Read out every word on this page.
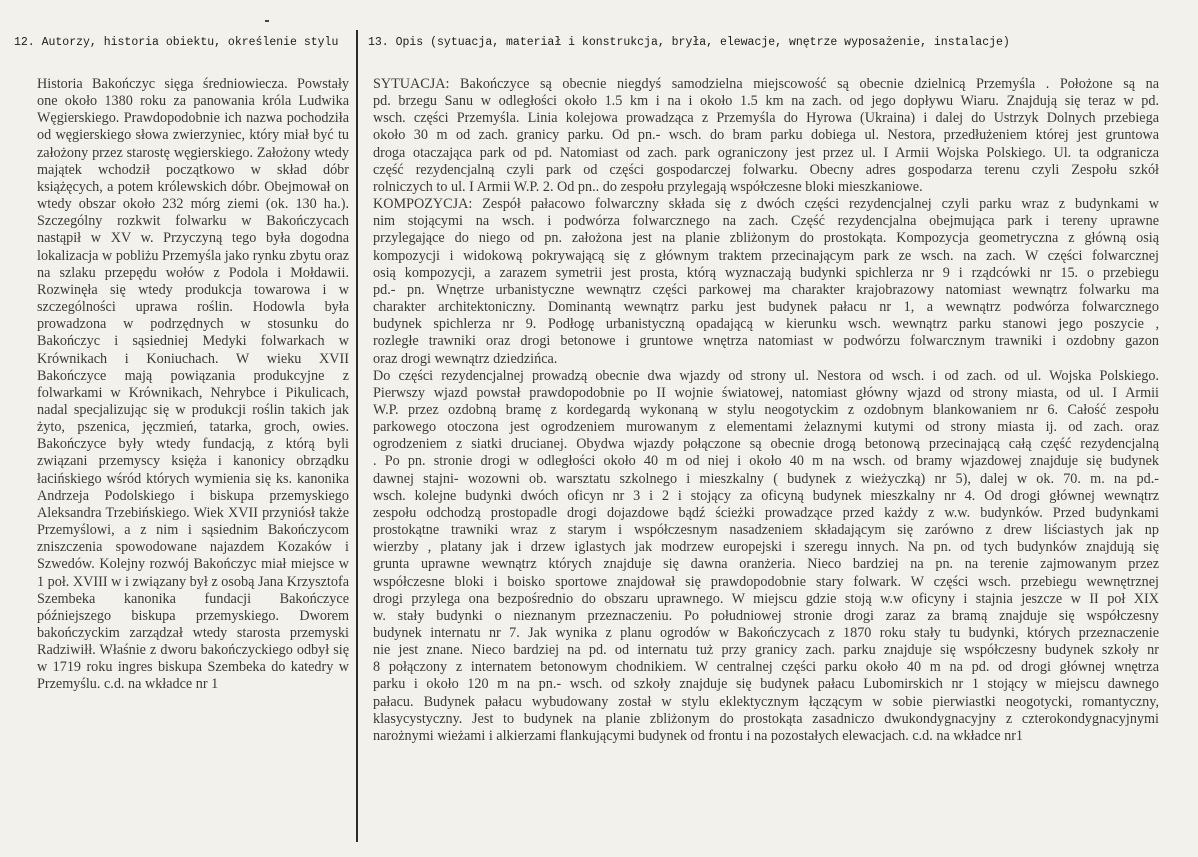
12. Autorzy, historia obiektu, określenie stylu	13. Opis (sytuacja, materiał i konstrukcja, bryła, elewacje, wnętrze wyposażenie, instalacje)

Historia Bakończyc sięga średniowiecza. Powstały one około 1380 roku za panowania króla Ludwika Węgierskiego. Prawdopodobnie ich nazwa pochodziła od węgierskiego słowa zwierzyniec, który miał być tu założony przez starostę węgierskiego. Założony wtedy majątek wchodził początkowo w skład dóbr książęcych, a potem królewskich dóbr. Obejmował on wtedy obszar około 232 mórg ziemi (ok. 130 ha.). Szczególny rozkwit folwarku w Bakończycach nastąpił w XV w. Przyczyną tego była dogodna lokalizacja w pobliżu Przemyśla jako rynku zbytu oraz na szlaku przepędu wołów z Podola i Mołdawii. Rozwinęła się wtedy produkcja towarowa i w szczególności uprawa roślin. Hodowla była prowadzona w podrzędnych w stosunku do Bakończyc i sąsiedniej Medyki folwarkach w Krównikach i Koniuchach. W wieku XVII Bakończyce mają powiązania produkcyjne z folwarkami w Krównikach, Nehrybce i Pikulicach, nadal specjalizując się w produkcji roślin takich jak żyto, pszenica, jęczmień, tatarka, groch, owies. Bakończyce były wtedy fundacją, z którą byli związani przemyscy księża i kanonicy obrządku łacińskiego wśród których wymienia się ks. kanonika Andrzeja Podolskiego i biskupa przemyskiego Aleksandra Trzebińskiego. Wiek XVII przyniósł także Przemyślowi, a z nim i sąsiednim Bakończycom zniszczenia spowodowane najazdem Kozaków i Szwedów. Kolejny rozwój Bakończyc miał miejsce w 1 poł. XVIII w i związany był z osobą Jana Krzysztofa Szembeka kanonika fundacji Bakończyce późniejszego biskupa przemyskiego. Dworem bakończyckim zarządzał wtedy starosta przemyski Radziwiłł. Właśnie z dworu bakończyckiego odbył się w 1719 roku ingres biskupa Szembeka do katedry w Przemyślu. c.d. na wkładce nr 1

SYTUACJA: Bakończyce są obecnie niegdyś samodzielna miejscowość są obecnie dzielnicą Przemyśla . Położone są na
pd. brzegu Sanu w odległości około 1.5 km i na i około 1.5 km na zach. od jego dopływu Wiaru. Znajdują się teraz w pd.
wsch. części Przemyśla. Linia kolejowa prowadząca z Przemyśla do Hyrowa (Ukraina) i dalej do Ustrzyk Dolnych przebiega
około 30 m od zach. granicy parku. Od pn.- wsch. do bram parku dobiega ul. Nestora, przedłużeniem której jest gruntowa
droga otaczająca park od pd. Natomiast od zach. park ograniczony jest przez ul. I Armii Wojska Polskiego. Ul. ta odgranicza
część rezydencjalną czyli park od części gospodarczej folwarku. Obecny adres gospodarza terenu czyli Zespołu szkół
rolniczych to ul. I Armii W.P. 2. Od pn.. do zespołu przylegają współczesne bloki mieszkaniowe.
KOMPOZYCJA: Zespół pałacowo folwarczny składa się z dwóch części rezydencjalnej czyli parku wraz z budynkami w
nim stojącymi na wsch. i podwórza folwarcznego na zach. Część rezydencjalna obejmująca park i tereny uprawne
przylegające do niego od pn. założona jest na planie zbliżonym do prostokąta. Kompozycja geometryczna z główną osią
kompozycji i widokową pokrywającą się z głównym traktem przecinającym park ze wsch. na zach. W części folwarcznej
osią kompozycji, a zarazem symetrii jest prosta, którą wyznaczają budynki spichlerza nr 9 i rządcówki nr 15. o przebiegu
pd.- pn. Wnętrze urbanistyczne wewnątrz części parkowej ma charakter krajobrazowy natomiast wewnątrz folwarku ma
charakter architektoniczny. Dominantą wewnątrz parku jest budynek pałacu nr 1, a wewnątrz podwórza folwarcznego
budynek spichlerza nr 9. Podłogę urbanistyczną opadającą w kierunku wsch. wewnątrz parku stanowi jego poszycie ,
rozległe trawniki oraz drogi betonowe i gruntowe wnętrza natomiast w podwórzu folwarcznym trawniki i ozdobny gazon
oraz drogi wewnątrz dziedzińca.
Do części rezydencjalnej prowadzą obecnie dwa wjazdy od strony ul. Nestora od wsch. i od zach. od ul. Wojska Polskiego.
Pierwszy wjazd powstał prawdopodobnie po II wojnie światowej, natomiast główny wjazd od strony miasta, od ul. I Armii
W.P. przez ozdobną bramę z kordegardą wykonaną w stylu neogotyckim z ozdobnym blankowaniem nr 6. Całość zespołu
parkowego otoczona jest ogrodzeniem murowanym z elementami żelaznymi kutymi od strony miasta ij. od zach. oraz
ogrodzeniem z siatki drucianej. Obydwa wjazdy połączone są obecnie drogą betonową przecinającą całą część rezydencjalną
. Po pn. stronie drogi w odległości około 40 m od niej i około 40 m na wsch. od bramy wjazdowej znajduje się budynek
dawnej stajni- wozowni ob. warsztatu szkolnego i mieszkalny ( budynek z wieżyczką) nr 5), dalej w ok. 70. m. na pd.-
wsch. kolejne budynki dwóch oficyn nr 3 i 2 i stojący za oficyną budynek mieszkalny nr 4. Od drogi głównej wewnątrz
zespołu odchodzą prostopadle drogi dojazdowe bądź ścieżki prowadzące przed każdy z w.w. budynków. Przed budynkami
prostokątne trawniki wraz z starym i współczesnym nasadzeniem składającym się zarówno z drew liściastych jak np
wierzby , platany jak i drzew iglastych jak modrzew europejski i szeregu innych. Na pn. od tych budynków znajdują się
grunta uprawne wewnątrz których znajduje się dawna oranżeria. Nieco bardziej na pn. na terenie zajmowanym przez
współczesne bloki i boisko sportowe znajdował się prawdopodobnie stary folwark. W części wsch. przebiegu wewnętrznej
drogi przylega ona bezpośrednio do obszaru uprawnego. W miejscu gdzie stoją w.w oficyny i stajnia jeszcze w II poł XIX
w. stały budynki o nieznanym przeznaczeniu. Po południowej stronie drogi zaraz za bramą znajduje się współczesny
budynek internatu nr 7. Jak wynika z planu ogrodów w Bakończycach z 1870 roku stały tu budynki, których przeznaczenie
nie jest znane. Nieco bardziej na pd. od internatu tuż przy granicy zach. parku znajduje się współczesny budynek szkoły nr
8 połączony z internatem betonowym chodnikiem. W centralnej części parku około 40 m na pd. od drogi głównej wnętrza
parku i około 120 m na pn.- wsch. od szkoły znajduje się budynek pałacu Lubomirskich nr 1 stojący w miejscu dawnego
pałacu. Budynek pałacu wybudowany został w stylu eklektycznym łączącym w sobie pierwiastki neogotycki, romantyczny,
klasycystyczny. Jest to budynek na planie zbliżonym do prostokąta zasadniczo dwukondygnacyjny z czterokondygnacyjnymi
narożnymi wieżami i alkierzami flankującymi budynek od frontu i na pozostałych elewacjach. c.d. na wkładce nr1
